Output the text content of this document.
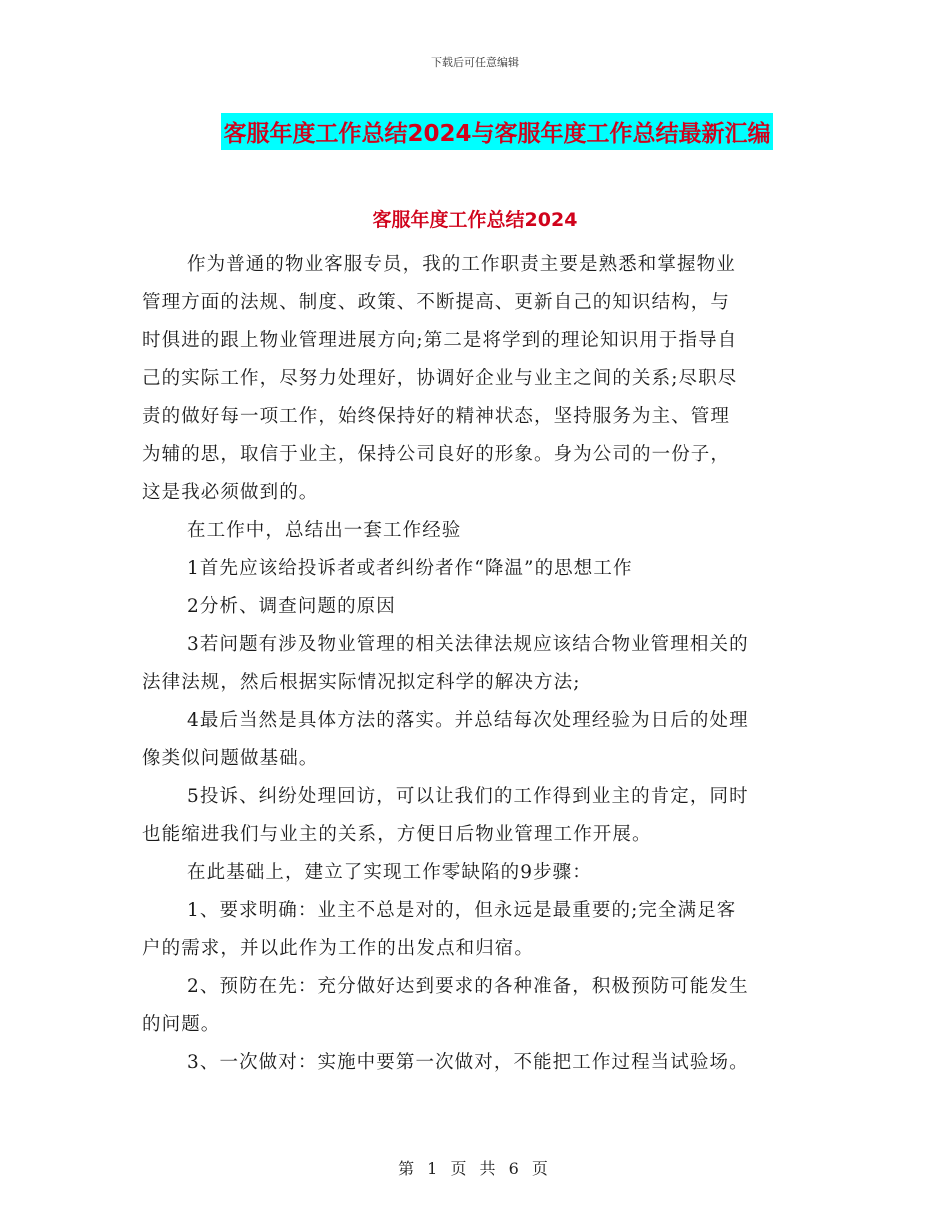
下载后可任意编辑
客服年度工作总结2024与客服年度工作总结最新汇编
客服年度工作总结2024
作为普通的物业客服专员，我的工作职责主要是熟悉和掌握物业
管理方面的法规、制度、政策、不断提高、更新自己的知识结构，与
时俱进的跟上物业管理进展方向;第二是将学到的理论知识用于指导自
己的实际工作，尽努力处理好，协调好企业与业主之间的关系;尽职尽
责的做好每一项工作，始终保持好的精神状态，坚持服务为主、管理
为辅的思，取信于业主，保持公司良好的形象。身为公司的一份子，
这是我必须做到的。
在工作中，总结出一套工作经验
1首先应该给投诉者或者纠纷者作“降温”的思想工作
2分析、调查问题的原因
3若问题有涉及物业管理的相关法律法规应该结合物业管理相关的
法律法规，然后根据实际情况拟定科学的解决方法;
4最后当然是具体方法的落实。并总结每次处理经验为日后的处理
像类似问题做基础。
5投诉、纠纷处理回访，可以让我们的工作得到业主的肯定，同时
也能缩进我们与业主的关系，方便日后物业管理工作开展。
在此基础上，建立了实现工作零缺陷的9步骤：
1、要求明确：业主不总是对的，但永远是最重要的;完全满足客
户的需求，并以此作为工作的出发点和归宿。
2、预防在先：充分做好达到要求的各种准备，积极预防可能发生
的问题。
3、一次做对：实施中要第一次做对，不能把工作过程当试验场。
第 1 页 共 6 页
